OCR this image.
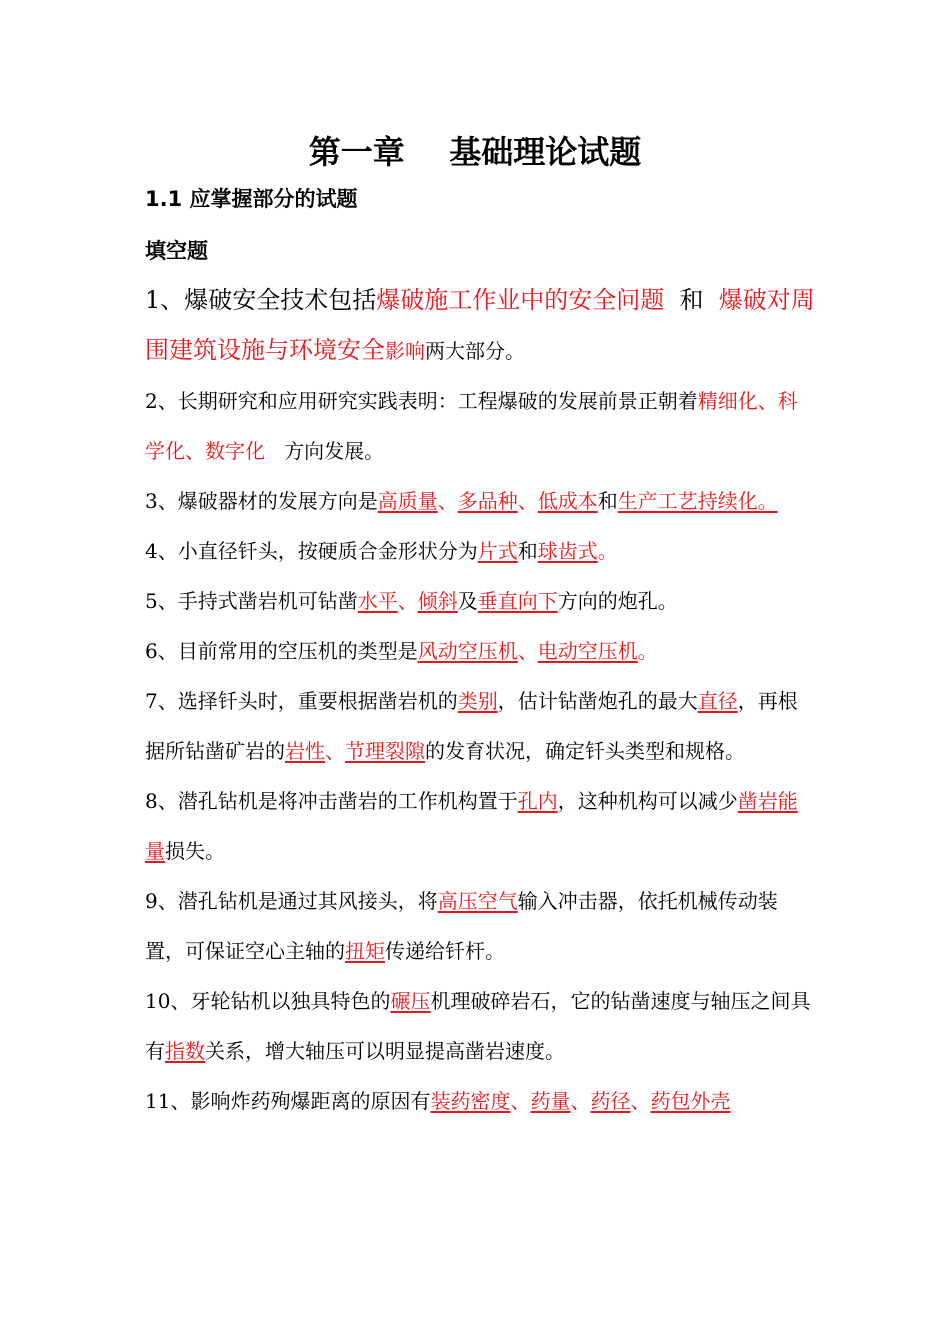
第一章    基础理论试题
1.1 应掌握部分的试题
填空题

1、爆破安全技术包括爆破施工作业中的安全问题  和  爆破对周围建筑设施与环境安全影响两大部分。

2、长期研究和应用研究实践表明：工程爆破的发展前景正朝着精细化、科学化、数字化   方向发展。

3、爆破器材的发展方向是高质量、多品种、低成本和生产工艺持续化。

4、小直径钎头，按硬质合金形状分为片式和球齿式。

5、手持式凿岩机可钻凿水平、倾斜及垂直向下方向的炮孔。

6、目前常用的空压机的类型是风动空压机、电动空压机。

7、选择钎头时，重要根据凿岩机的类别，估计钻凿炮孔的最大直径，再根据所钻凿矿岩的岩性、节理裂隙的发育状况，确定钎头类型和规格。

8、潜孔钻机是将冲击凿岩的工作机构置于孔内，这种机构可以减少凿岩能量损失。

9、潜孔钻机是通过其风接头，将高压空气输入冲击器，依托机械传动装置，可保证空心主轴的扭矩传递给钎杆。

10、牙轮钻机以独具特色的碾压机理破碎岩石，它的钻凿速度与轴压之间具有指数关系，增大轴压可以明显提高凿岩速度。

11、影响炸药殉爆距离的原因有装药密度、药量、药径、药包外壳
